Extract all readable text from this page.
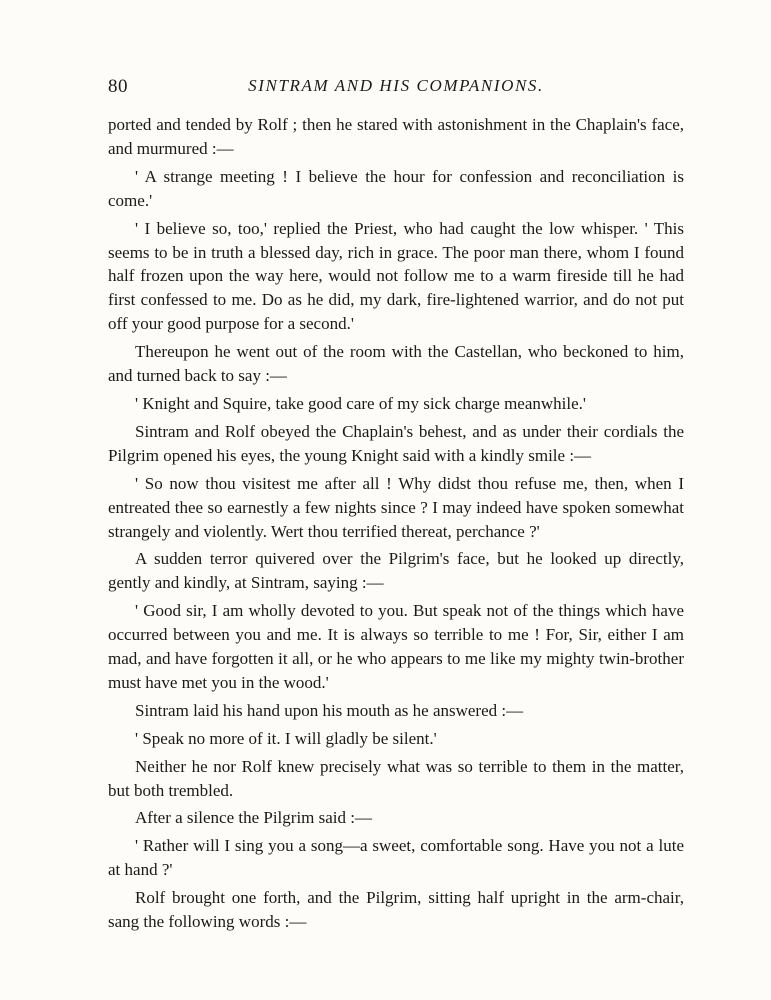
80	SINTRAM AND HIS COMPANIONS.

ported and tended by Rolf ; then he stared with astonishment in the Chaplain's face, and murmured :—

' A strange meeting ! I believe the hour for confession and reconciliation is come.'

' I believe so, too,' replied the Priest, who had caught the low whisper. ' This seems to be in truth a blessed day, rich in grace. The poor man there, whom I found half frozen upon the way here, would not follow me to a warm fireside till he had first confessed to me. Do as he did, my dark, fire-lightened warrior, and do not put off your good purpose for a second.'

Thereupon he went out of the room with the Castellan, who beckoned to him, and turned back to say :—

' Knight and Squire, take good care of my sick charge meanwhile.'

Sintram and Rolf obeyed the Chaplain's behest, and as under their cordials the Pilgrim opened his eyes, the young Knight said with a kindly smile :—

' So now thou visitest me after all ! Why didst thou refuse me, then, when I entreated thee so earnestly a few nights since ? I may indeed have spoken somewhat strangely and violently. Wert thou terrified thereat, perchance ?'

A sudden terror quivered over the Pilgrim's face, but he looked up directly, gently and kindly, at Sintram, saying :—

' Good sir, I am wholly devoted to you. But speak not of the things which have occurred between you and me. It is always so terrible to me ! For, Sir, either I am mad, and have forgotten it all, or he who appears to me like my mighty twin-brother must have met you in the wood.'

Sintram laid his hand upon his mouth as he answered :—

' Speak no more of it. I will gladly be silent.'

Neither he nor Rolf knew precisely what was so terrible to them in the matter, but both trembled.

After a silence the Pilgrim said :—

' Rather will I sing you a song—a sweet, comfortable song. Have you not a lute at hand ?'

Rolf brought one forth, and the Pilgrim, sitting half upright in the arm-chair, sang the following words :—
